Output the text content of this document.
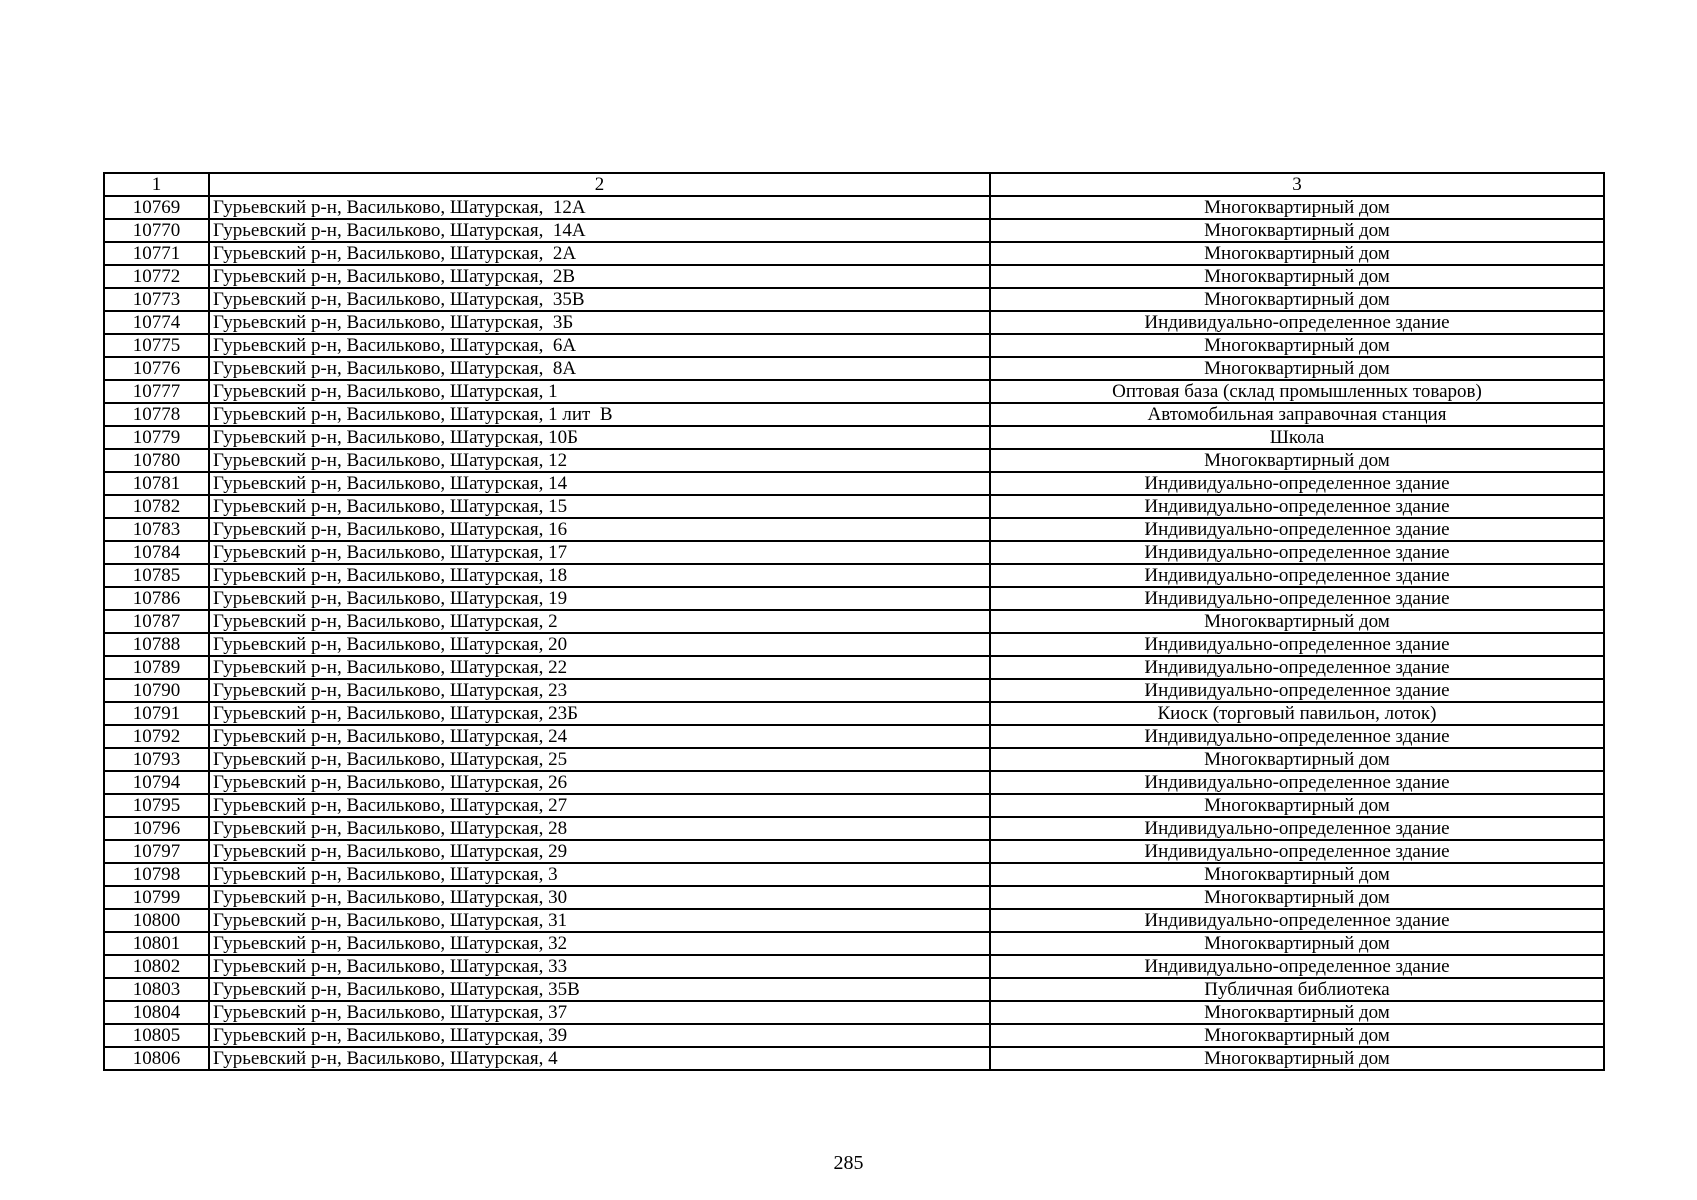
1	2	3
10769	Гурьевский р-н, Васильково, Шатурская,  12А	Многоквартирный дом
10770	Гурьевский р-н, Васильково, Шатурская,  14А	Многоквартирный дом
10771	Гурьевский р-н, Васильково, Шатурская,  2А	Многоквартирный дом
10772	Гурьевский р-н, Васильково, Шатурская,  2В	Многоквартирный дом
10773	Гурьевский р-н, Васильково, Шатурская,  35В	Многоквартирный дом
10774	Гурьевский р-н, Васильково, Шатурская,  3Б	Индивидуально-определенное здание
10775	Гурьевский р-н, Васильково, Шатурская,  6А	Многоквартирный дом
10776	Гурьевский р-н, Васильково, Шатурская,  8А	Многоквартирный дом
10777	Гурьевский р-н, Васильково, Шатурская, 1	Оптовая база (склад промышленных товаров)
10778	Гурьевский р-н, Васильково, Шатурская, 1 лит  В	Автомобильная заправочная станция
10779	Гурьевский р-н, Васильково, Шатурская, 10Б	Школа
10780	Гурьевский р-н, Васильково, Шатурская, 12	Многоквартирный дом
10781	Гурьевский р-н, Васильково, Шатурская, 14	Индивидуально-определенное здание
10782	Гурьевский р-н, Васильково, Шатурская, 15	Индивидуально-определенное здание
10783	Гурьевский р-н, Васильково, Шатурская, 16	Индивидуально-определенное здание
10784	Гурьевский р-н, Васильково, Шатурская, 17	Индивидуально-определенное здание
10785	Гурьевский р-н, Васильково, Шатурская, 18	Индивидуально-определенное здание
10786	Гурьевский р-н, Васильково, Шатурская, 19	Индивидуально-определенное здание
10787	Гурьевский р-н, Васильково, Шатурская, 2	Многоквартирный дом
10788	Гурьевский р-н, Васильково, Шатурская, 20	Индивидуально-определенное здание
10789	Гурьевский р-н, Васильково, Шатурская, 22	Индивидуально-определенное здание
10790	Гурьевский р-н, Васильково, Шатурская, 23	Индивидуально-определенное здание
10791	Гурьевский р-н, Васильково, Шатурская, 23Б	Киоск (торговый павильон, лоток)
10792	Гурьевский р-н, Васильково, Шатурская, 24	Индивидуально-определенное здание
10793	Гурьевский р-н, Васильково, Шатурская, 25	Многоквартирный дом
10794	Гурьевский р-н, Васильково, Шатурская, 26	Индивидуально-определенное здание
10795	Гурьевский р-н, Васильково, Шатурская, 27	Многоквартирный дом
10796	Гурьевский р-н, Васильково, Шатурская, 28	Индивидуально-определенное здание
10797	Гурьевский р-н, Васильково, Шатурская, 29	Индивидуально-определенное здание
10798	Гурьевский р-н, Васильково, Шатурская, 3	Многоквартирный дом
10799	Гурьевский р-н, Васильково, Шатурская, 30	Многоквартирный дом
10800	Гурьевский р-н, Васильково, Шатурская, 31	Индивидуально-определенное здание
10801	Гурьевский р-н, Васильково, Шатурская, 32	Многоквартирный дом
10802	Гурьевский р-н, Васильково, Шатурская, 33	Индивидуально-определенное здание
10803	Гурьевский р-н, Васильково, Шатурская, 35В	Публичная библиотека
10804	Гурьевский р-н, Васильково, Шатурская, 37	Многоквартирный дом
10805	Гурьевский р-н, Васильково, Шатурская, 39	Многоквартирный дом
10806	Гурьевский р-н, Васильково, Шатурская, 4	Многоквартирный дом
285
